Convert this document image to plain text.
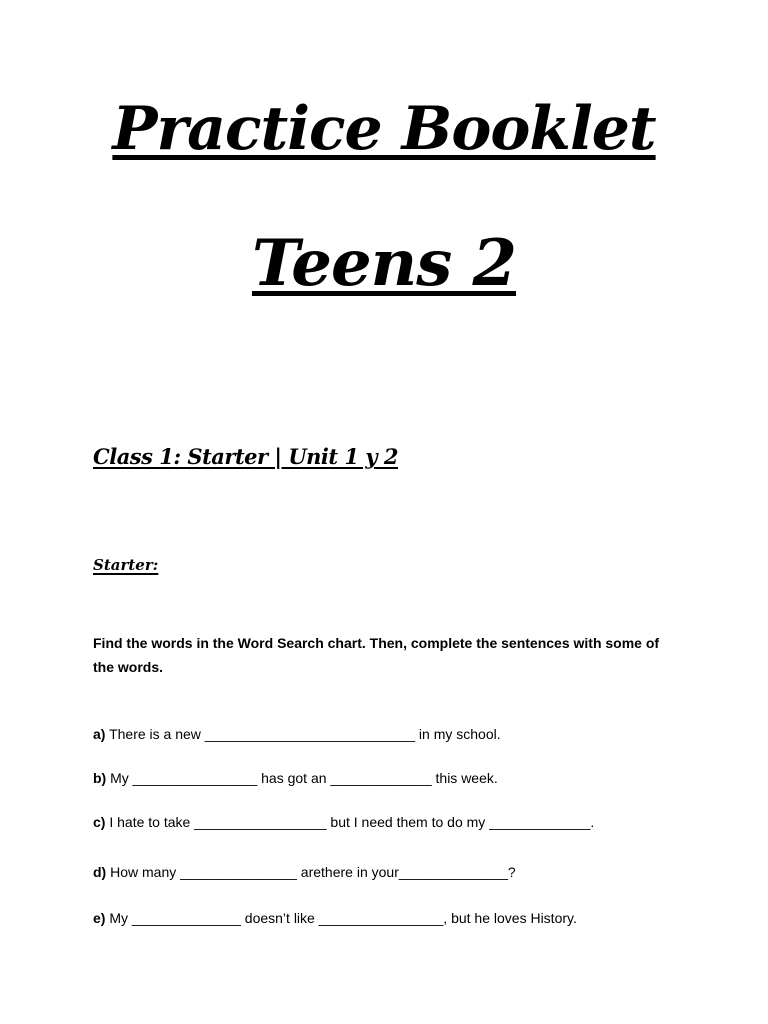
Practice Booklet
Teens 2
Class 1: Starter | Unit 1 y 2
Starter:

Find the words in the Word Search chart. Then, complete the sentences with some of the words.

a) There is a new ___________________________ in my school.

b) My ________________ has got an _____________ this week.

c) I hate to take _________________ but I need them to do my _____________.

d) How many _______________ arethere in your______________?

e) My ______________ doesn’t like ________________, but he loves History.
